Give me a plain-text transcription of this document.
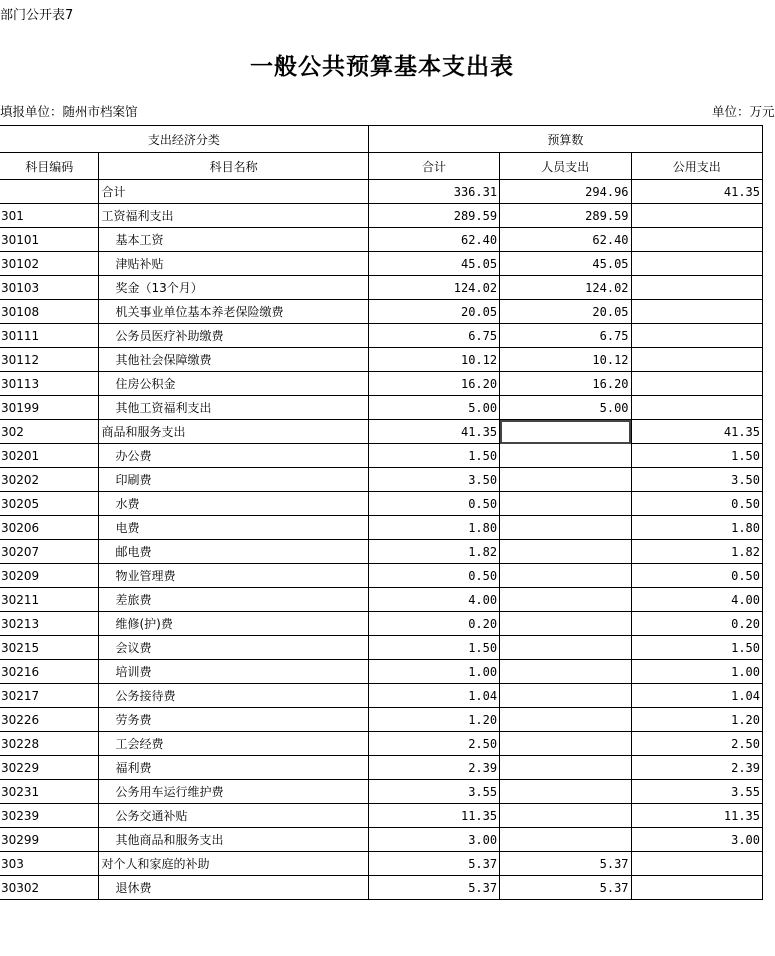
部门公开表7
一般公共预算基本支出表
填报单位：随州市档案馆	单位：万元
支出经济分类		预算数		
科目编码	科目名称	合计	人员支出	公用支出
	合计	336.31	294.96	41.35
301	工资福利支出	289.59	289.59	
30101	基本工资	62.40	62.40	
30102	津贴补贴	45.05	45.05	
30103	奖金（13个月）	124.02	124.02	
30108	机关事业单位基本养老保险缴费	20.05	20.05	
30111	公务员医疗补助缴费	6.75	6.75	
30112	其他社会保障缴费	10.12	10.12	
30113	住房公积金	16.20	16.20	
30199	其他工资福利支出	5.00	5.00	
302	商品和服务支出	41.35		41.35
30201	办公费	1.50		1.50
30202	印刷费	3.50		3.50
30205	水费	0.50		0.50
30206	电费	1.80		1.80
30207	邮电费	1.82		1.82
30209	物业管理费	0.50		0.50
30211	差旅费	4.00		4.00
30213	维修(护)费	0.20		0.20
30215	会议费	1.50		1.50
30216	培训费	1.00		1.00
30217	公务接待费	1.04		1.04
30226	劳务费	1.20		1.20
30228	工会经费	2.50		2.50
30229	福利费	2.39		2.39
30231	公务用车运行维护费	3.55		3.55
30239	公务交通补贴	11.35		11.35
30299	其他商品和服务支出	3.00		3.00
303	对个人和家庭的补助	5.37	5.37	
30302	退休费	5.37	5.37	
